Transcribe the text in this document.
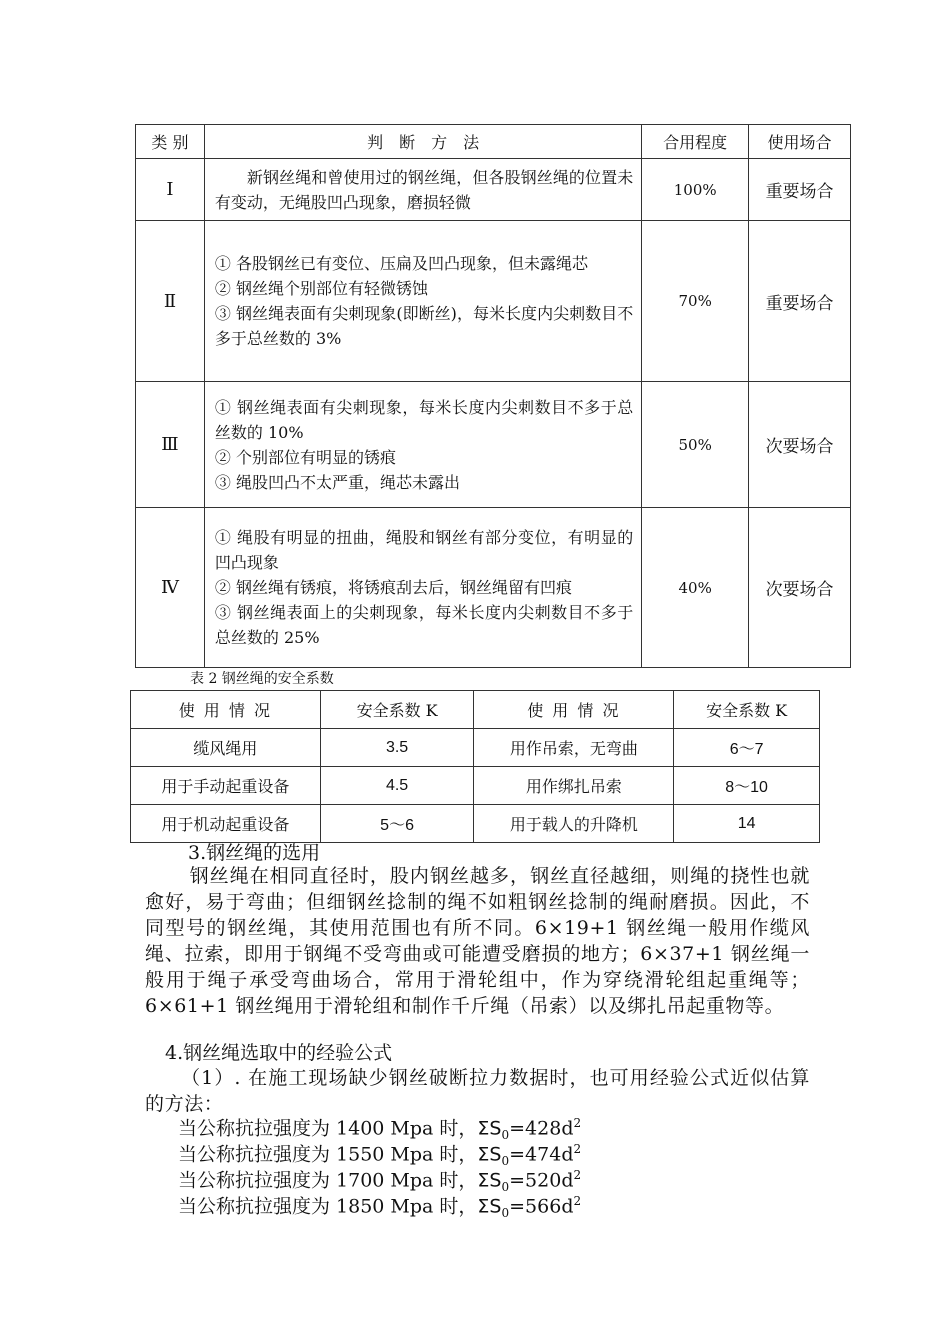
类 别	判　断　方　法	合用程度	使用场合
Ⅰ	新钢丝绳和曾使用过的钢丝绳，但各股钢丝绳的位置未有变动，无绳股凹凸现象，磨损轻微	100%	重要场合
Ⅱ	① 各股钢丝已有变位、压扁及凹凸现象，但未露绳芯
② 钢丝绳个别部位有轻微锈蚀
③ 钢丝绳表面有尖刺现象(即断丝)，每米长度内尖刺数目不多于总丝数的 3%	70%	重要场合
Ⅲ	① 钢丝绳表面有尖刺现象，每米长度内尖刺数目不多于总丝数的 10%
② 个别部位有明显的锈痕
③ 绳股凹凸不太严重，绳芯未露出	50%	次要场合
Ⅳ	① 绳股有明显的扭曲，绳股和钢丝有部分变位，有明显的凹凸现象
② 钢丝绳有锈痕，将锈痕刮去后，钢丝绳留有凹痕
③ 钢丝绳表面上的尖刺现象，每米长度内尖刺数目不多于总丝数的 25%	40%	次要场合
表 2 钢丝绳的安全系数
使 用 情 况	安全系数 K	使 用 情 况	安全系数 K
缆风绳用	3.5	用作吊索，无弯曲	6～7
用于手动起重设备	4.5	用作绑扎吊索	8～10
用于机动起重设备	5～6	用于载人的升降机	14
3.钢丝绳的选用
钢丝绳在相同直径时，股内钢丝越多，钢丝直径越细，则绳的挠性也就愈好，易于弯曲；但细钢丝捻制的绳不如粗钢丝捻制的绳耐磨损。因此，不同型号的钢丝绳，其使用范围也有所不同。6×19+1 钢丝绳一般用作缆风绳、拉索，即用于钢绳不受弯曲或可能遭受磨损的地方；6×37+1 钢丝绳一般用于绳子承受弯曲场合，常用于滑轮组中，作为穿绕滑轮组起重绳等；6×61+1 钢丝绳用于滑轮组和制作千斤绳（吊索）以及绑扎吊起重物等。
4.钢丝绳选取中的经验公式
（1）. 在施工现场缺少钢丝破断拉力数据时，也可用经验公式近似估算的方法：
当公称抗拉强度为 1400 Mpa 时，$\Sigma S_0=428d^2$
当公称抗拉强度为 1550 Mpa 时，$\Sigma S_0=474d^2$
当公称抗拉强度为 1700 Mpa 时，$\Sigma S_0=520d^2$
当公称抗拉强度为 1850 Mpa 时，$\Sigma S_0=566d^2$
